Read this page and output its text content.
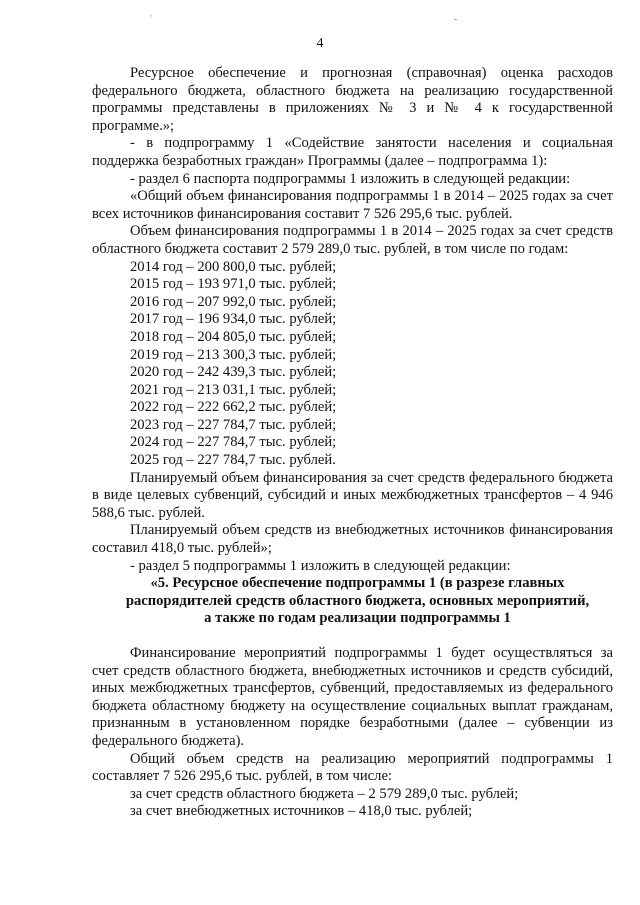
'	-
4

Ресурсное обеспечение и прогнозная (справочная) оценка расходов федерального бюджета, областного бюджета на реализацию государственной программы представлены в приложениях № 3 и № 4 к государственной программе.»;

- в подпрограмму 1 «Содействие занятости населения и социальная поддержка безработных граждан» Программы (далее – подпрограмма 1):

- раздел 6 паспорта подпрограммы 1 изложить в следующей редакции:

«Общий объем финансирования подпрограммы 1 в 2014 – 2025 годах за счет всех источников финансирования составит 7 526 295,6 тыс. рублей.

Объем финансирования подпрограммы 1 в 2014 – 2025 годах за счет средств областного бюджета составит 2 579 289,0 тыс. рублей, в том числе по годам:

2014 год – 200 800,0 тыс. рублей;
2015 год – 193 971,0 тыс. рублей;
2016 год – 207 992,0 тыс. рублей;
2017 год – 196 934,0 тыс. рублей;
2018 год – 204 805,0 тыс. рублей;
2019 год – 213 300,3 тыс. рублей;
2020 год – 242 439,3 тыс. рублей;
2021 год – 213 031,1 тыс. рублей;
2022 год – 222 662,2 тыс. рублей;
2023 год – 227 784,7 тыс. рублей;
2024 год – 227 784,7 тыс. рублей;
2025 год – 227 784,7 тыс. рублей.

Планируемый объем финансирования за счет средств федерального бюджета в виде целевых субвенций, субсидий и иных межбюджетных трансфертов – 4 946 588,6 тыс. рублей.

Планируемый объем средств из внебюджетных источников финансирования составил 418,0 тыс. рублей»;

- раздел 5 подпрограммы 1 изложить в следующей редакции:

«5. Ресурсное обеспечение подпрограммы 1 (в разрезе главных
распорядителей средств областного бюджета, основных мероприятий,
а также по годам реализации подпрограммы 1

Финансирование мероприятий подпрограммы 1 будет осуществляться за счет средств областного бюджета, внебюджетных источников и средств субсидий, иных межбюджетных трансфертов, субвенций, предоставляемых из федерального бюджета областному бюджету на осуществление социальных выплат гражданам, признанным в установленном порядке безработными (далее – субвенции из федерального бюджета).

Общий объем средств на реализацию мероприятий подпрограммы 1 составляет 7 526 295,6 тыс. рублей, в том числе:

за счет средств областного бюджета – 2 579 289,0 тыс. рублей;

за счет внебюджетных источников – 418,0 тыс. рублей;
